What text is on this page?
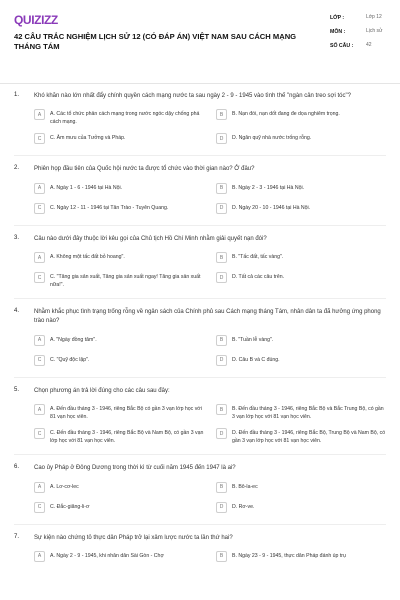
QUIZIZZ
42 CÂU TRẮC NGHIỆM LỊCH SỬ 12 (CÓ ĐÁP ÁN) VIỆT NAM SAU CÁCH MẠNG THÁNG TÁM
LỚP :	Lớp 12
MÔN :	Lịch sử
SỐ CÂU :	42
1.	Khó khăn nào lớn nhất đẩy chính quyền cách mạng nước ta sau ngày 2 - 9 - 1945 vào tình thế "ngàn cân treo sợi tóc"?
A	A. Các tổ chức phản cách mạng trong nước ngóc dậy chống phá cách mạng.
B	B. Nạn đói, nạn dốt đang đe dọa nghiêm trọng.
C	C. Âm mưu của Tưởng và Pháp.	D	D. Ngân quỹ nhà nước trống rỗng.
2.	Phiên họp đầu tiên của Quốc hội nước ta được tổ chức vào thời gian nào? Ở đâu?
A	A. Ngày 1 - 6 - 1946 tại Hà Nội.	B	B. Ngày 2 - 3 - 1946 tại Hà Nội.
C	C. Ngày 12 - 11 - 1946 tại Tân Trào - Tuyên Quang.	D	D. Ngày 20 - 10 - 1946 tại Hà Nội.
3.	Câu nào dưới đây thuộc lời kêu gọi của Chủ tịch Hồ Chí Minh nhằm giải quyết nạn đói?
A	A. Không một tấc đất bỏ hoang".	B	B. "Tấc đất, tấc vàng".
C	C. "Tăng gia sản xuất, Tăng gia sản xuất ngay! Tăng gia sản xuất nữa!".
D	D. Tất cả các câu trên.
4.	Nhằm khắc phục tình trạng trống rỗng về ngân sách của Chính phủ sau Cách mạng tháng Tám, nhân dân ta đã hưởng ứng phong trào nào?
A	A. "Ngày đồng tâm".	B	B. "Tuần lễ vàng".
C	C. "Quỹ độc lập".	D	D. Câu B và C đúng.
5.	Chọn phương án trả lời đúng cho các câu sau đây:
A	A. Đến đầu tháng 3 - 1946, riêng Bắc Bộ có gần 3 vạn lớp học với 81 vạn học viên.
B	B. Đến đầu tháng 3 - 1946, riêng Bắc Bộ và Bắc Trung Bộ, có gần 3 vạn lớp học với 81 vạn học viên.
C	C. Đến đầu tháng 3 - 1946, riêng Bắc Bộ và Nam Bộ, có gần 3 vạn lớp học với 81 vạn học viên.
D	D. Đến đầu tháng 3 - 1946, riêng Bắc Bộ, Trung Bộ và Nam Bộ, có gần 3 vạn lớp học với 81 vạn học viên.
6.	Cao ủy Pháp ở Đông Dương trong thời kì từ cuối năm 1945 đến 1947 là ai?
A	A. Lơ-cơ-lec	B	B. Bô-la-ec
C	C. Đắc-giăng-li-ơ	D	D. Rơ-ve.
7.	Sự kiện nào chứng tỏ thực dân Pháp trở lại xâm lược nước ta lần thứ hai?
A	A. Ngày 2 - 9 - 1945, khi nhân dân Sài Gòn - Chợ	B	B. Ngày 23 - 9 - 1945, thực dân Pháp đánh úp trụ
